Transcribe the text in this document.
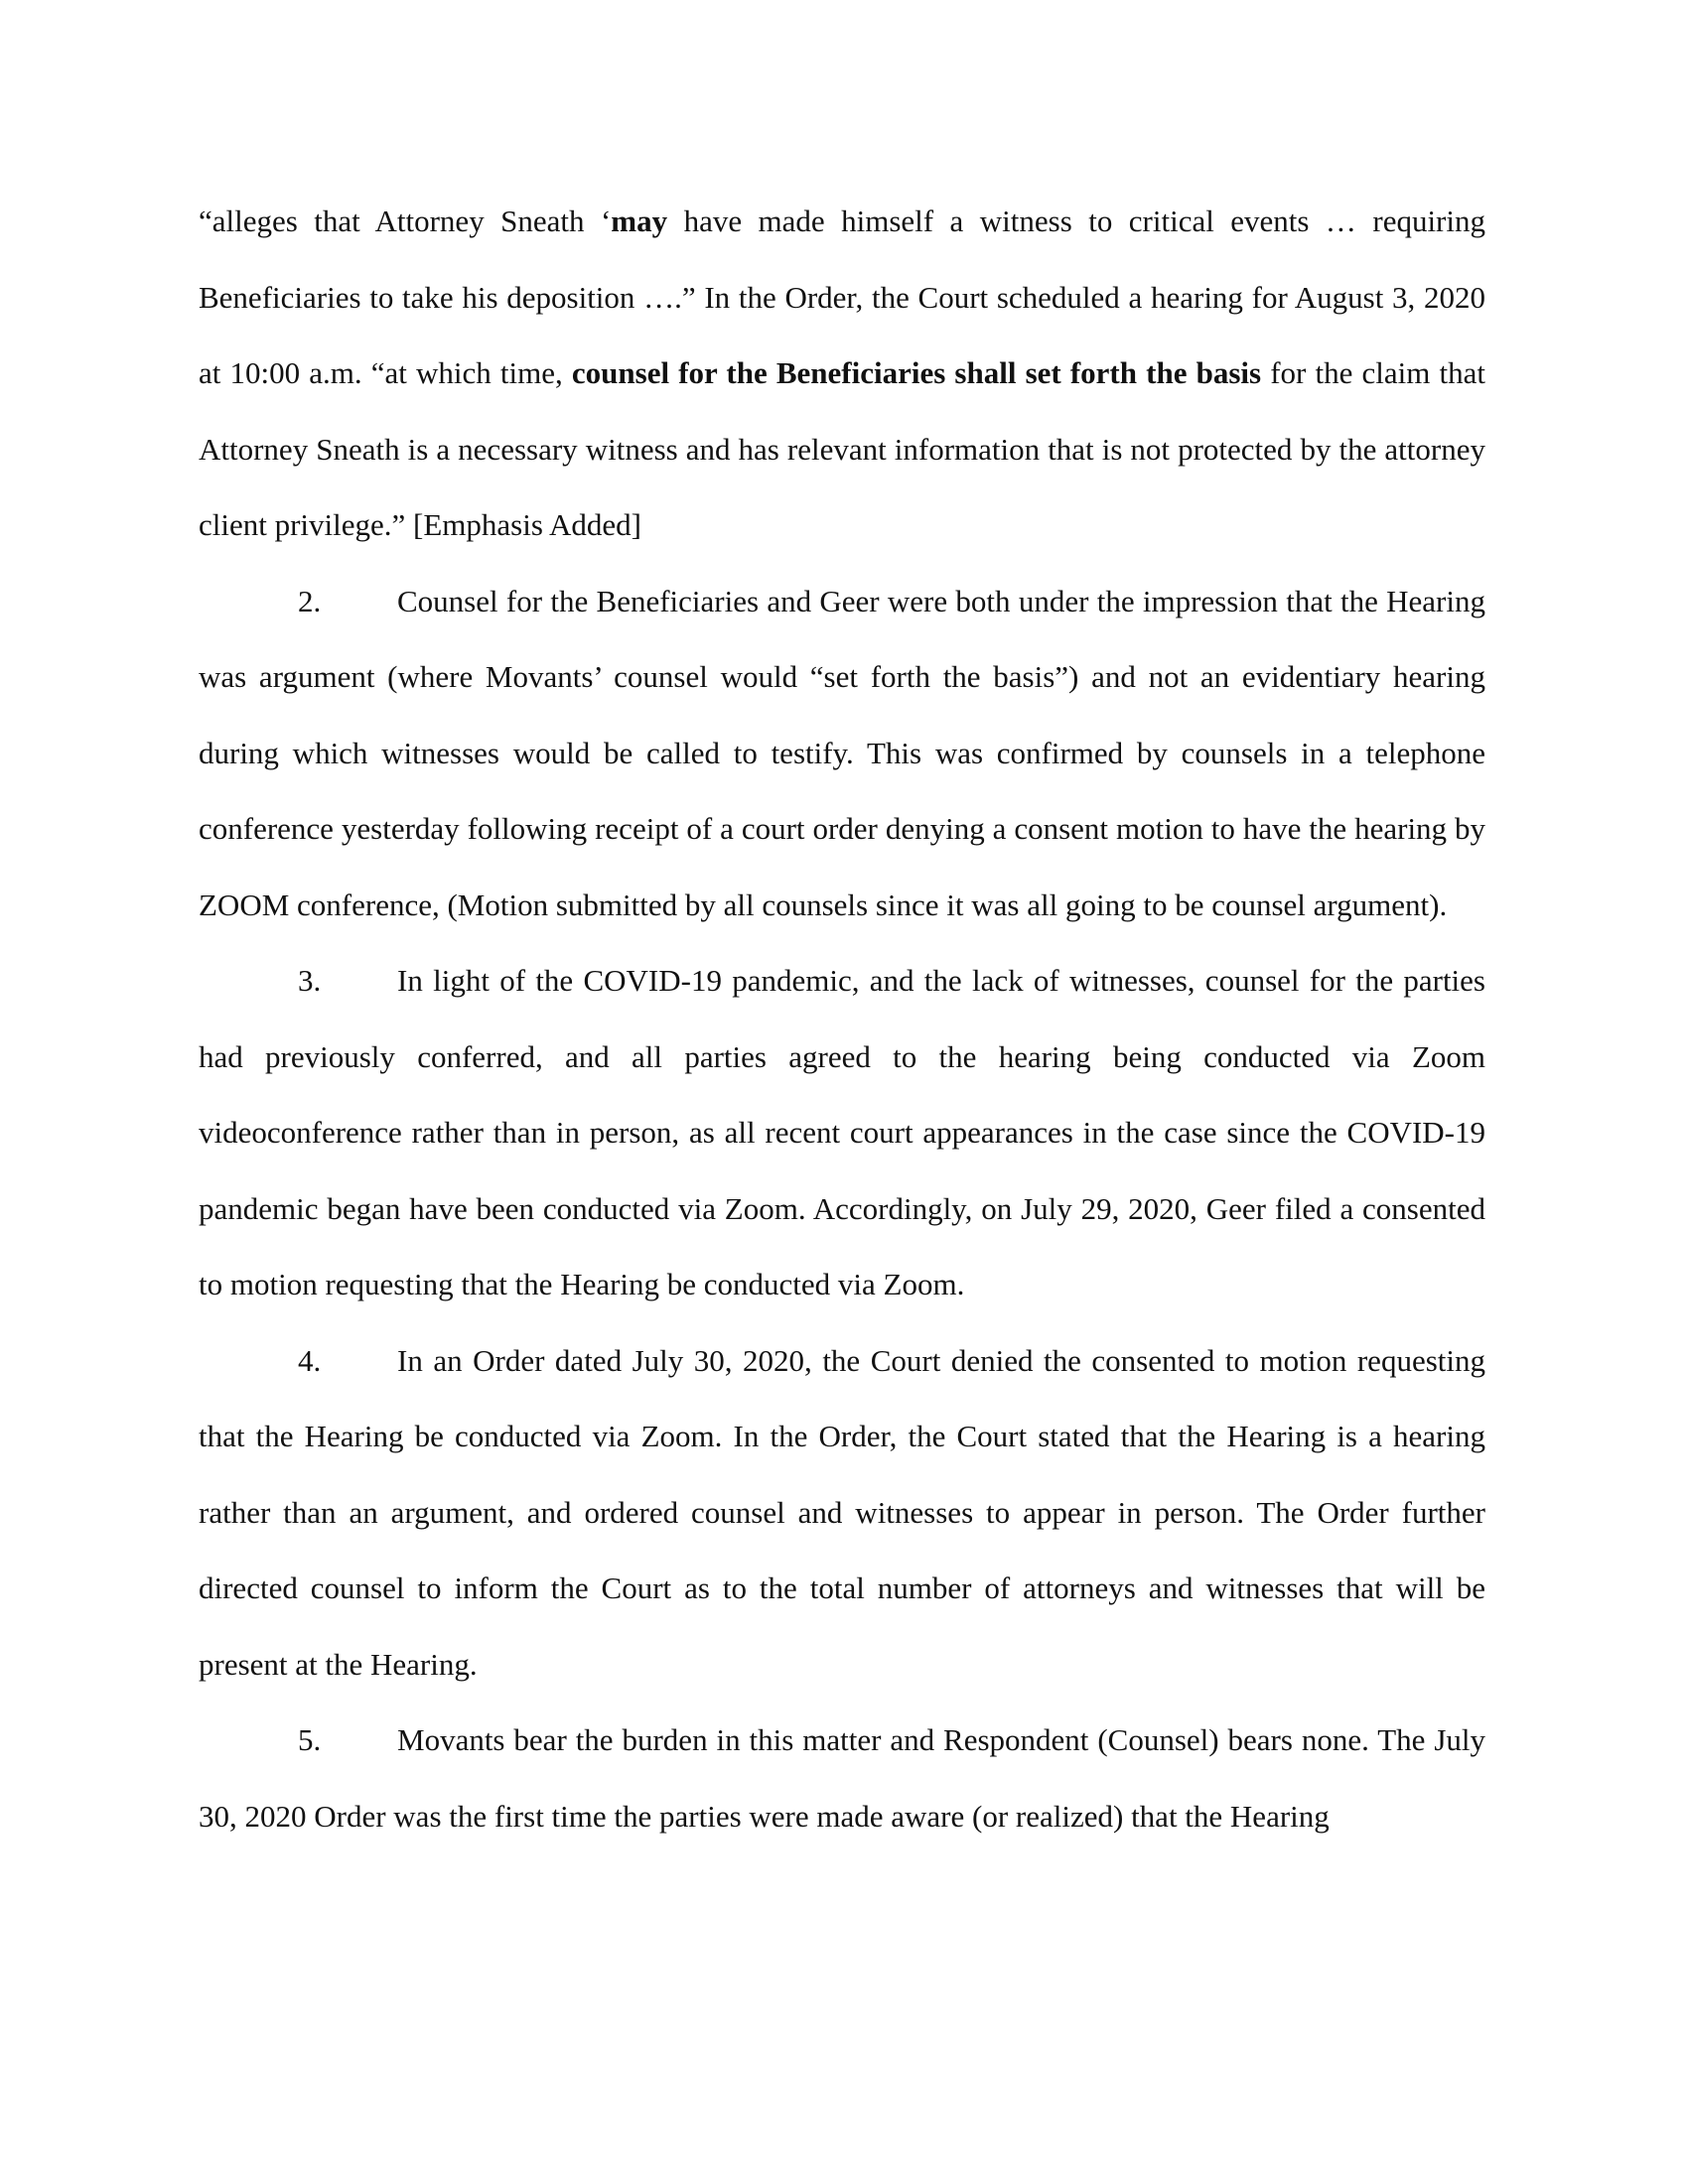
“alleges that Attorney Sneath ‘may have made himself a witness to critical events … requiring Beneficiaries to take his deposition ….” In the Order, the Court scheduled a hearing for August 3, 2020 at 10:00 a.m. “at which time, counsel for the Beneficiaries shall set forth the basis for the claim that Attorney Sneath is a necessary witness and has relevant information that is not protected by the attorney client privilege.” [Emphasis Added]

2. Counsel for the Beneficiaries and Geer were both under the impression that the Hearing was argument (where Movants’ counsel would “set forth the basis”) and not an evidentiary hearing during which witnesses would be called to testify. This was confirmed by counsels in a telephone conference yesterday following receipt of a court order denying a consent motion to have the hearing by ZOOM conference, (Motion submitted by all counsels since it was all going to be counsel argument).

3. In light of the COVID-19 pandemic, and the lack of witnesses, counsel for the parties had previously conferred, and all parties agreed to the hearing being conducted via Zoom videoconference rather than in person, as all recent court appearances in the case since the COVID-19 pandemic began have been conducted via Zoom. Accordingly, on July 29, 2020, Geer filed a consented to motion requesting that the Hearing be conducted via Zoom.

4. In an Order dated July 30, 2020, the Court denied the consented to motion requesting that the Hearing be conducted via Zoom. In the Order, the Court stated that the Hearing is a hearing rather than an argument, and ordered counsel and witnesses to appear in person. The Order further directed counsel to inform the Court as to the total number of attorneys and witnesses that will be present at the Hearing.

5. Movants bear the burden in this matter and Respondent (Counsel) bears none. The July 30, 2020 Order was the first time the parties were made aware (or realized) that the Hearing
